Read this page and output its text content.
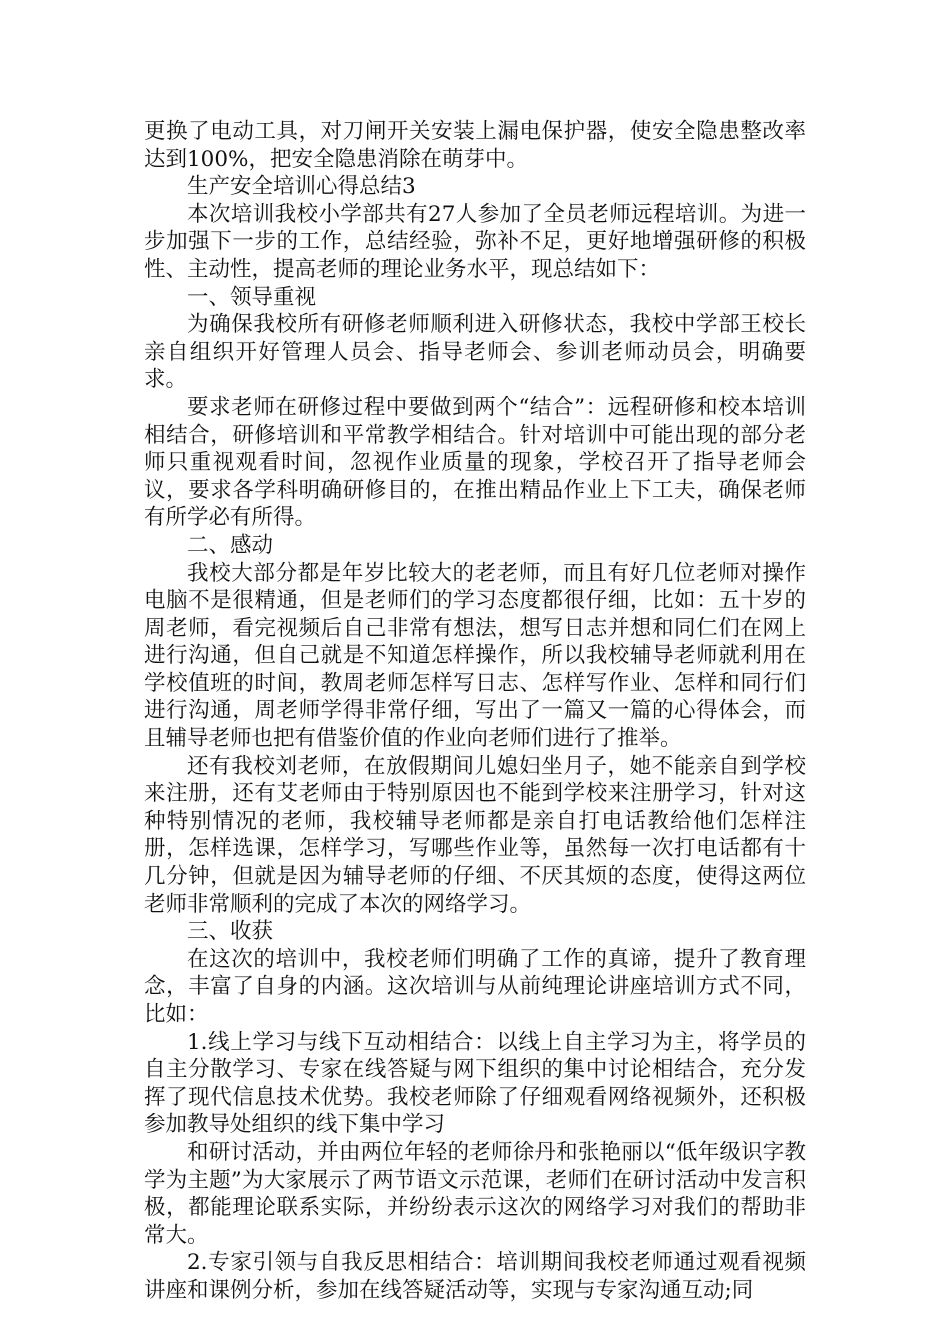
更换了电动工具，对刀闸开关安装上漏电保护器，使安全隐患整改率达到100%，把安全隐患消除在萌芽中。

生产安全培训心得总结3

本次培训我校小学部共有27人参加了全员老师远程培训。为进一步加强下一步的工作，总结经验，弥补不足，更好地增强研修的积极性、主动性，提高老师的理论业务水平，现总结如下：

一、领导重视

为确保我校所有研修老师顺利进入研修状态，我校中学部王校长亲自组织开好管理人员会、指导老师会、参训老师动员会，明确要求。

要求老师在研修过程中要做到两个“结合”：远程研修和校本培训相结合，研修培训和平常教学相结合。针对培训中可能出现的部分老师只重视观看时间，忽视作业质量的现象，学校召开了指导老师会议，要求各学科明确研修目的，在推出精品作业上下工夫，确保老师有所学必有所得。

二、感动

我校大部分都是年岁比较大的老老师，而且有好几位老师对操作电脑不是很精通，但是老师们的学习态度都很仔细，比如：五十岁的周老师，看完视频后自己非常有想法，想写日志并想和同仁们在网上进行沟通，但自己就是不知道怎样操作，所以我校辅导老师就利用在学校值班的时间，教周老师怎样写日志、怎样写作业、怎样和同行们进行沟通，周老师学得非常仔细，写出了一篇又一篇的心得体会，而且辅导老师也把有借鉴价值的作业向老师们进行了推举。

还有我校刘老师，在放假期间儿媳妇坐月子，她不能亲自到学校来注册，还有艾老师由于特别原因也不能到学校来注册学习，针对这种特别情况的老师，我校辅导老师都是亲自打电话教给他们怎样注册，怎样选课，怎样学习，写哪些作业等，虽然每一次打电话都有十几分钟，但就是因为辅导老师的仔细、不厌其烦的态度，使得这两位老师非常顺利的完成了本次的网络学习。

三、收获

在这次的培训中，我校老师们明确了工作的真谛，提升了教育理念，丰富了自身的内涵。这次培训与从前纯理论讲座培训方式不同，比如：

1.线上学习与线下互动相结合：以线上自主学习为主，将学员的自主分散学习、专家在线答疑与网下组织的集中讨论相结合，充分发挥了现代信息技术优势。我校老师除了仔细观看网络视频外，还积极参加教导处组织的线下集中学习

和研讨活动，并由两位年轻的老师徐丹和张艳丽以“低年级识字教学为主题”为大家展示了两节语文示范课，老师们在研讨活动中发言积极，都能理论联系实际，并纷纷表示这次的网络学习对我们的帮助非常大。

2.专家引领与自我反思相结合：培训期间我校老师通过观看视频讲座和课例分析，参加在线答疑活动等，实现与专家沟通互动;同
